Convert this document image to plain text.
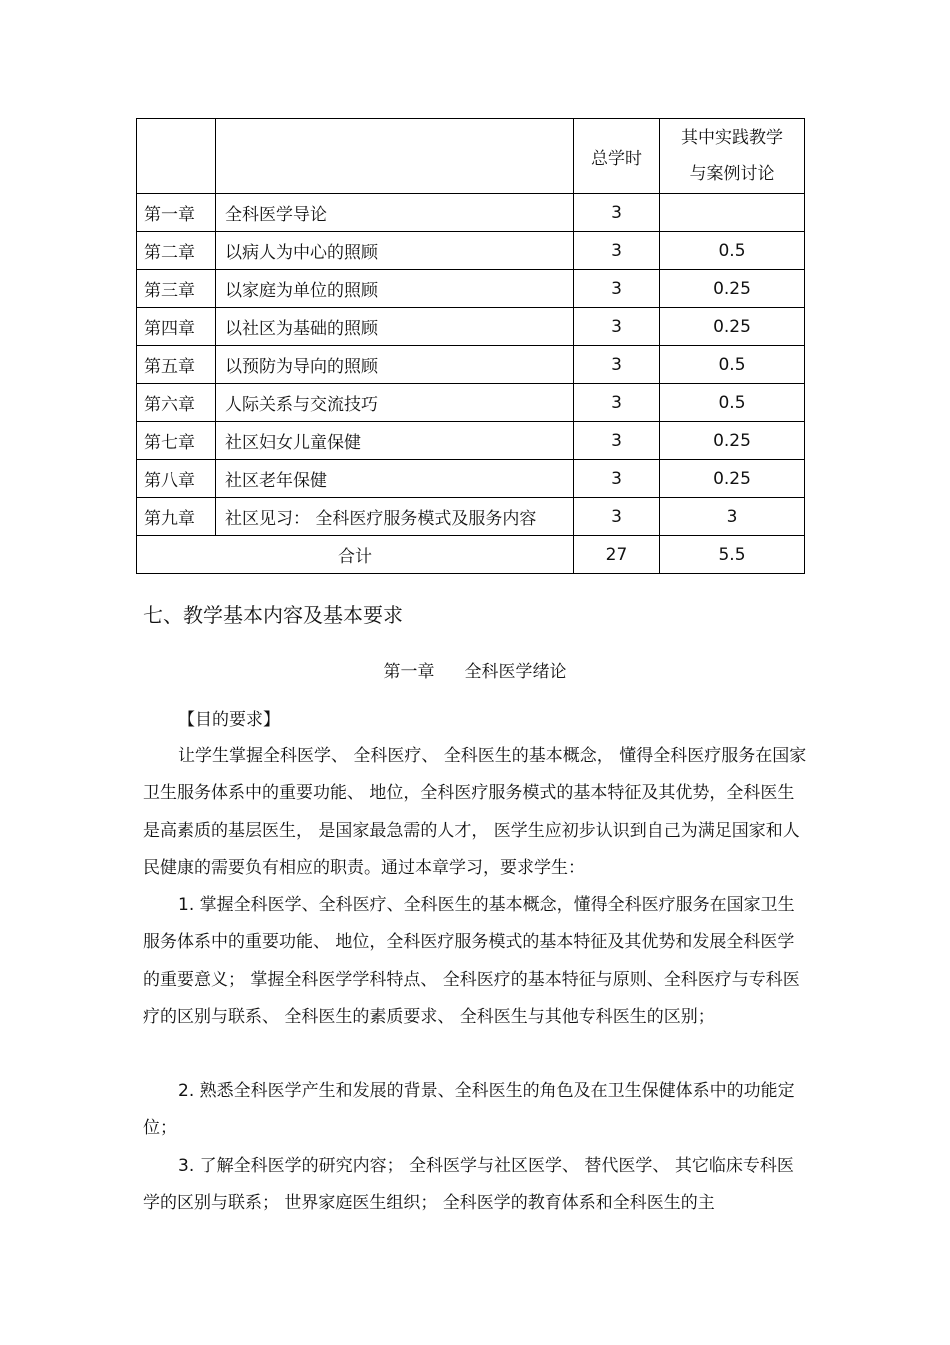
		总学时	其中实践教学
与案例讨论

第一章	全科医学导论	3	
第二章	以病人为中心的照顾	3	0.5
第三章	以家庭为单位的照顾	3	0.25
第四章	以社区为基础的照顾	3	0.25
第五章	以预防为导向的照顾	3	0.5
第六章	人际关系与交流技巧	3	0.5
第七章	社区妇女儿童保健	3	0.25
第八章	社区老年保健	3	0.25
第九章	社区见习： 全科医疗服务模式及服务内容	3	3
合计		27	5.5
七、教学基本内容及基本要求
第一章 全科医学绪论
【目的要求】

让学生掌握全科医学、 全科医疗、 全科医生的基本概念， 懂得全科医疗服务在国家卫生服务体系中的重要功能、 地位，全科医疗服务模式的基本特征及其优势，全科医生是高素质的基层医生， 是国家最急需的人才， 医学生应初步认识到自己为满足国家和人民健康的需要负有相应的职责。通过本章学习，要求学生：

1. 掌握全科医学、全科医疗、全科医生的基本概念，懂得全科医疗服务在国家卫生服务体系中的重要功能、 地位，全科医疗服务模式的基本特征及其优势和发展全科医学的重要意义； 掌握全科医学学科特点、 全科医疗的基本特征与原则、全科医疗与专科医疗的区别与联系、 全科医生的素质要求、 全科医生与其他专科医生的区别；

2. 熟悉全科医学产生和发展的背景、全科医生的角色及在卫生保健体系中的功能定位；

3. 了解全科医学的研究内容； 全科医学与社区医学、 替代医学、 其它临床专科医学的区别与联系； 世界家庭医生组织； 全科医学的教育体系和全科医生的主
